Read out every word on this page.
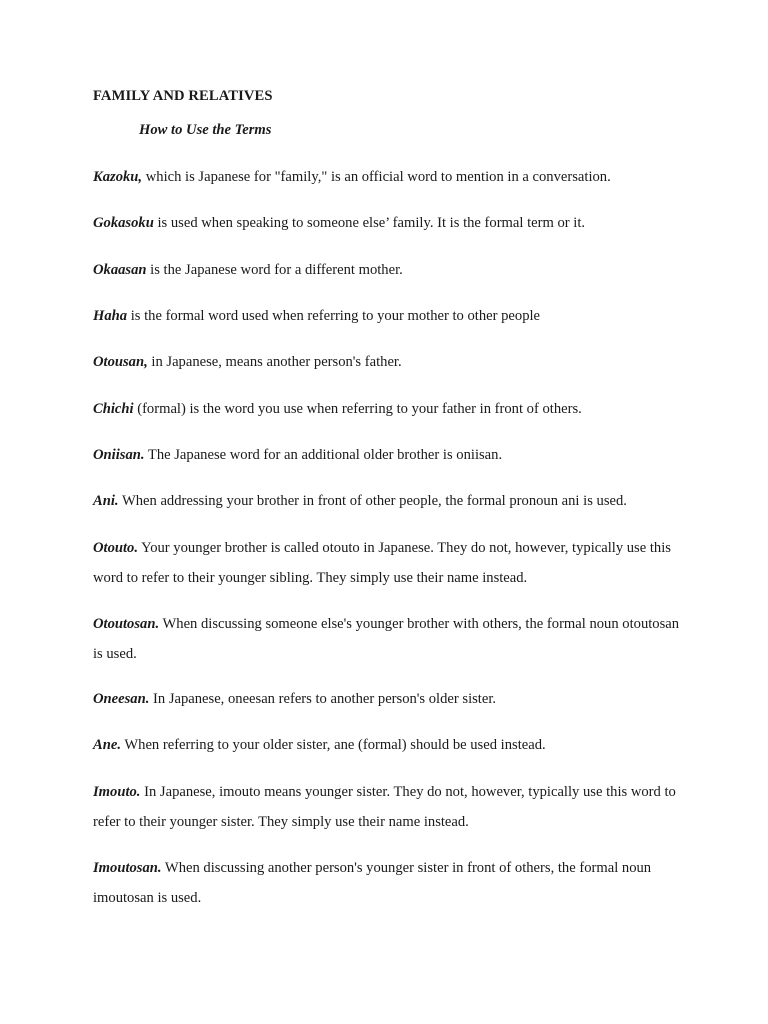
FAMILY AND RELATIVES
How to Use the Terms

Kazoku, which is Japanese for "family," is an official word to mention in a conversation.

Gokasoku is used when speaking to someone else’ family. It is the formal term or it.

Okaasan is the Japanese word for a different mother.

Haha is the formal word used when referring to your mother to other people

Otousan, in Japanese, means another person's father.

Chichi (formal) is the word you use when referring to your father in front of others.

Oniisan. The Japanese word for an additional older brother is oniisan.

Ani. When addressing your brother in front of other people, the formal pronoun ani is used.

Otouto. Your younger brother is called otouto in Japanese. They do not, however, typically use this word to refer to their younger sibling. They simply use their name instead.

Otoutosan. When discussing someone else's younger brother with others, the formal noun otoutosan is used.

Oneesan. In Japanese, oneesan refers to another person's older sister.

Ane. When referring to your older sister, ane (formal) should be used instead.

Imouto. In Japanese, imouto means younger sister. They do not, however, typically use this word to refer to their younger sister. They simply use their name instead.

Imoutosan. When discussing another person's younger sister in front of others, the formal noun imoutosan is used.
